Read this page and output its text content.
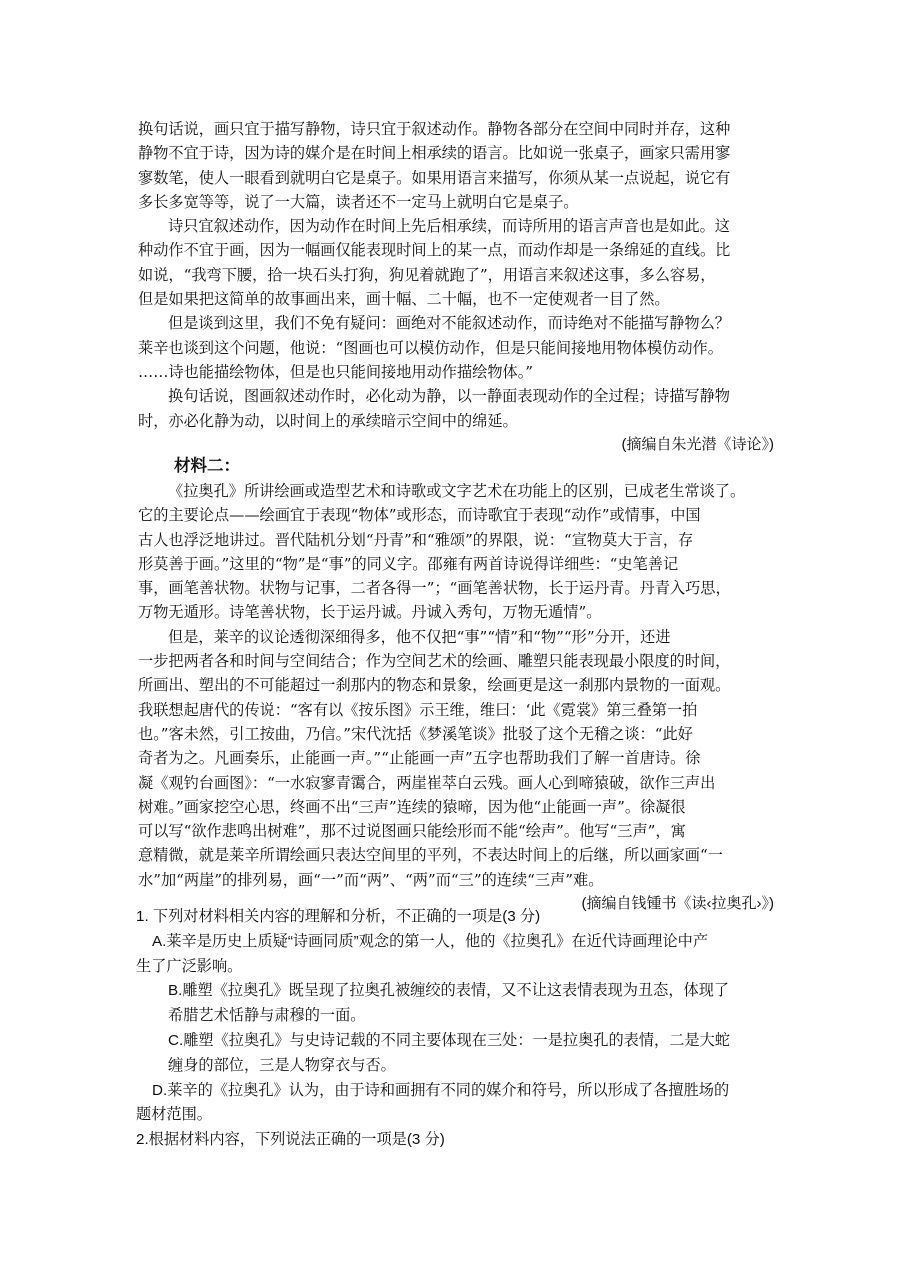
换句话说，画只宜于描写静物，诗只宜于叙述动作。静物各部分在空间中同时并存，这种
静物不宜于诗，因为诗的媒介是在时间上相承续的语言。比如说一张桌子，画家只需用寥
寥数笔，使人一眼看到就明白它是桌子。如果用语言来描写，你须从某一点说起，说它有
多长多宽等等，说了一大篇，读者还不一定马上就明白它是桌子。
诗只宜叙述动作，因为动作在时间上先后相承续，而诗所用的语言声音也是如此。这
种动作不宜于画，因为一幅画仅能表现时间上的某一点，而动作却是一条绵延的直线。比
如说，“我弯下腰，拾一块石头打狗，狗见着就跑了”，用语言来叙述这事，多么容易，
但是如果把这简单的故事画出来，画十幅、二十幅，也不一定使观者一目了然。
但是谈到这里，我们不免有疑问：画绝对不能叙述动作，而诗绝对不能描写静物么？
莱辛也谈到这个问题，他说：“图画也可以模仿动作，但是只能间接地用物体模仿动作。
……诗也能描绘物体，但是也只能间接地用动作描绘物体。”
换句话说，图画叙述动作时，必化动为静，以一静面表现动作的全过程；诗描写静物
时，亦必化静为动，以时间上的承续暗示空间中的绵延。
(摘编自朱光潜《诗论》)
材料二：
《拉奥孔》所讲绘画或造型艺术和诗歌或文字艺术在功能上的区别，已成老生常谈了。
它的主要论点——绘画宜于表现“物体”或形态，而诗歌宜于表现“动作”或情事，中国
古人也浮泛地讲过。晋代陆机分划“丹青”和“雅颂”的界限，说：“宣物莫大于言，存
形莫善于画。”这里的“物”是“事”的同义字。邵雍有两首诗说得详细些：“史笔善记
事，画笔善状物。状物与记事，二者各得一”；“画笔善状物，长于运丹青。丹青入巧思，
万物无遁形。诗笔善状物，长于运丹诚。丹诚入秀句，万物无遁情”。
但是，莱辛的议论透彻深细得多，他不仅把“事”“情”和“物”“形”分开，还进
一步把两者各和时间与空间结合；作为空间艺术的绘画、雕塑只能表现最小限度的时间，
所画出、塑出的不可能超过一刹那内的物态和景象，绘画更是这一刹那内景物的一面观。
我联想起唐代的传说：“客有以《按乐图》示王维，维曰：‘此《霓裳》第三叠第一拍
也。”客未然，引工按曲，乃信。”宋代沈括《梦溪笔谈》批驳了这个无稽之谈：“此好
奇者为之。凡画奏乐，止能画一声。”“止能画一声”五字也帮助我们了解一首唐诗。徐
凝《观钓台画图》：“一水寂寥青霭合，两崖崔萃白云残。画人心到啼猿破，欲作三声出
树难。”画家挖空心思，终画不出“三声”连续的猿啼，因为他“止能画一声”。徐凝很
可以写“欲作悲鸣出树难”，那不过说图画只能绘形而不能“绘声”。他写“三声”，寓
意精微，就是莱辛所谓绘画只表达空间里的平列，不表达时间上的后继，所以画家画“一
水”加“两崖”的排列易，画“一”而“两”、“两”而“三”的连续“三声”难。
(摘编自钱锺书《读‹拉奥孔›》)
1. 下列对材料相关内容的理解和分析，不正确的一项是(3 分)
A.莱辛是历史上质疑“诗画同质”观念的第一人，他的《拉奥孔》在近代诗画理论中产
生了广泛影响。
B.雕塑《拉奥孔》既呈现了拉奥孔被缠绞的表情，又不让这表情表现为丑态，体现了
希腊艺术恬静与肃穆的一面。
C.雕塑《拉奥孔》与史诗记载的不同主要体现在三处：一是拉奥孔的表情，二是大蛇
缠身的部位，三是人物穿衣与否。
D.莱辛的《拉奥孔》认为，由于诗和画拥有不同的媒介和符号，所以形成了各擅胜场的
题材范围。
2.根据材料内容，下列说法正确的一项是(3 分)
